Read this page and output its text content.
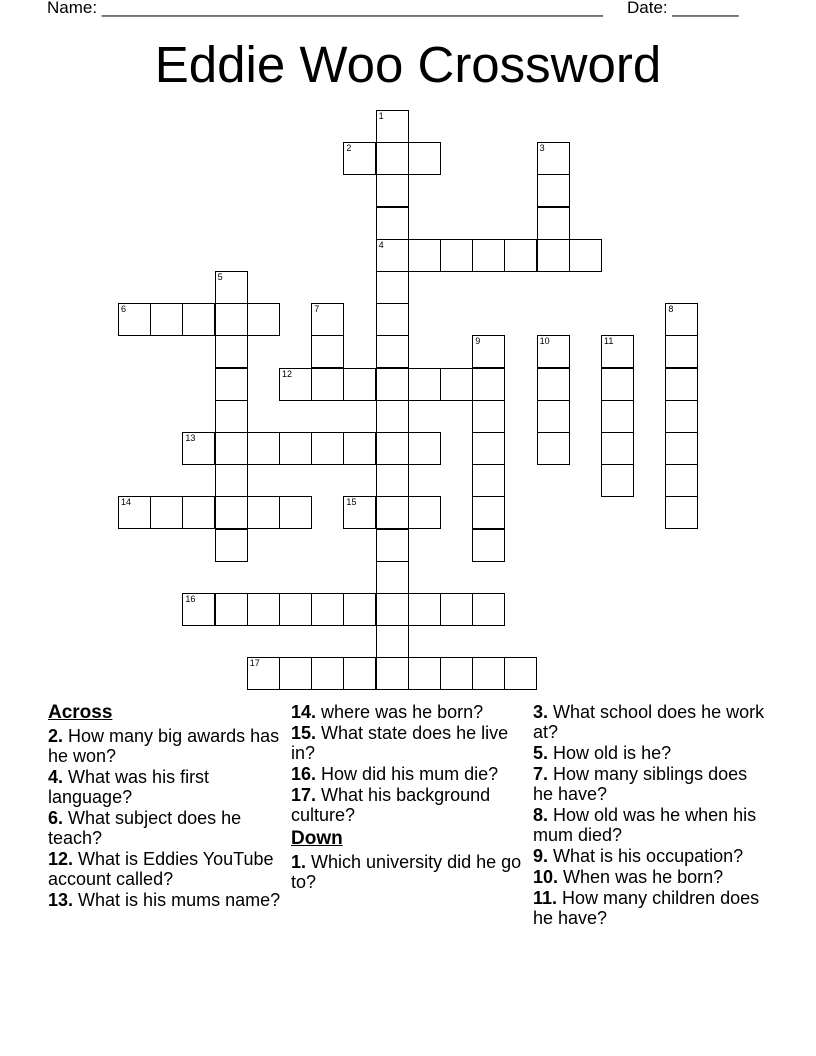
Name: _____________________________________________________ Date: _______
Eddie Woo Crossword
1
4
2	3
5
6	7	8
9	10	11
12
13
14	15
16
17
Across
2. How many big awards has he won?
4. What was his first language?
6. What subject does he teach?
12. What is Eddies YouTube account called?
13. What is his mums name?
14. where was he born?
15. What state does he live in?
16. How did his mum die?
17. What his background culture?
Down
1. Which university did he go to?
3. What school does he work at?
5. How old is he?
7. How many siblings does he have?
8. How old was he when his mum died?
9. What is his occupation?
10. When was he born?
11. How many children does he have?
